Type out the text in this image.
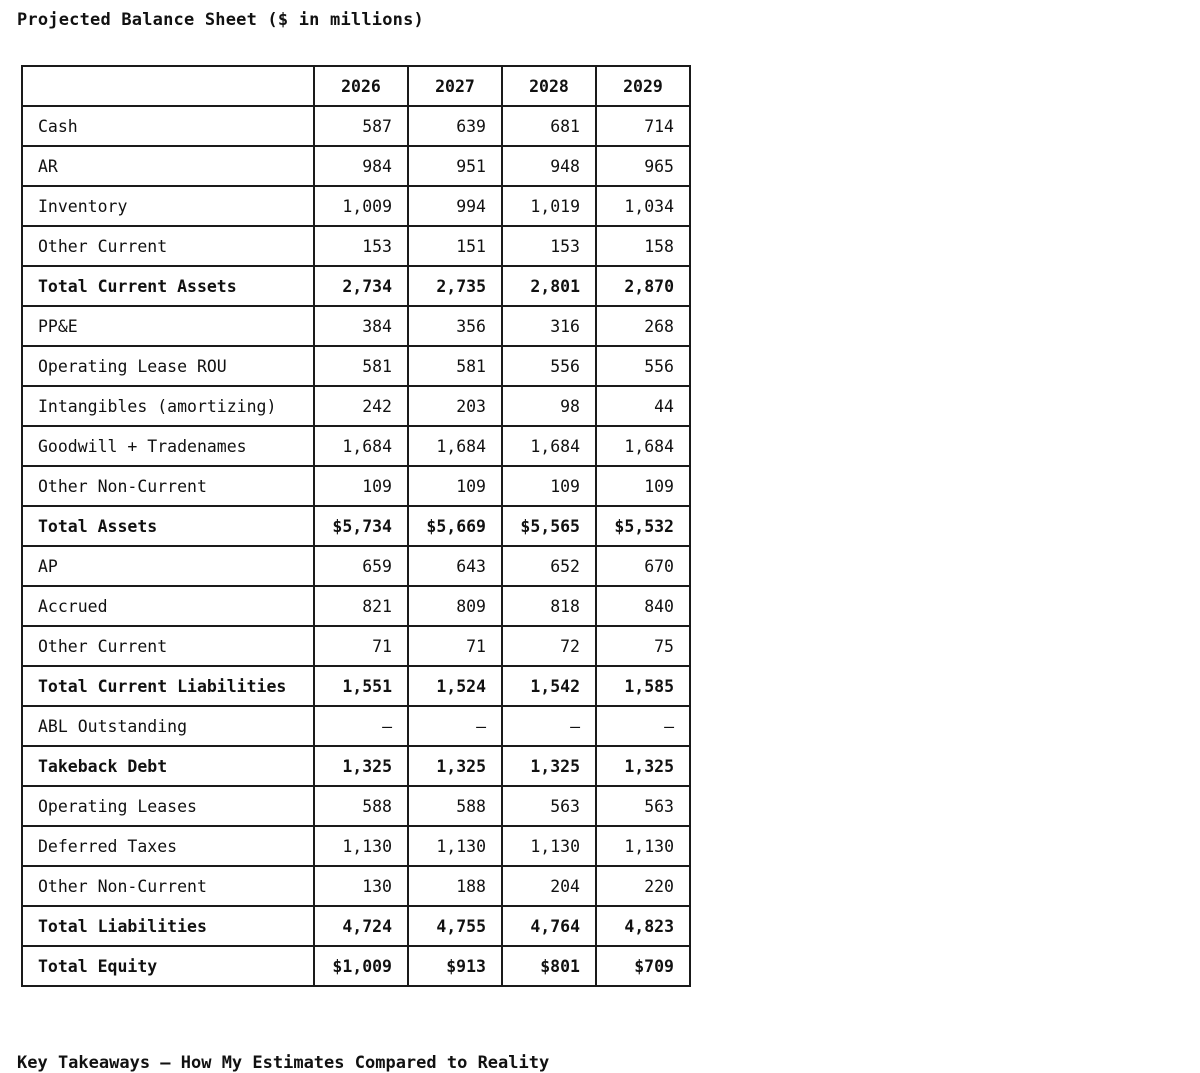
Projected Balance Sheet ($ in millions)
	2026	2027	2028	2029
Cash	587	639	681	714
AR	984	951	948	965
Inventory	1,009	994	1,019	1,034
Other Current	153	151	153	158
Total Current Assets	2,734	2,735	2,801	2,870
PP&E	384	356	316	268
Operating Lease ROU	581	581	556	556
Intangibles (amortizing)	242	203	98	44
Goodwill + Tradenames	1,684	1,684	1,684	1,684
Other Non-Current	109	109	109	109
Total Assets	$5,734	$5,669	$5,565	$5,532
AP	659	643	652	670
Accrued	821	809	818	840
Other Current	71	71	72	75
Total Current Liabilities	1,551	1,524	1,542	1,585
ABL Outstanding	—	—	—	—
Takeback Debt	1,325	1,325	1,325	1,325
Operating Leases	588	588	563	563
Deferred Taxes	1,130	1,130	1,130	1,130
Other Non-Current	130	188	204	220
Total Liabilities	4,724	4,755	4,764	4,823
Total Equity	$1,009	$913	$801	$709
Key Takeaways — How My Estimates Compared to Reality
